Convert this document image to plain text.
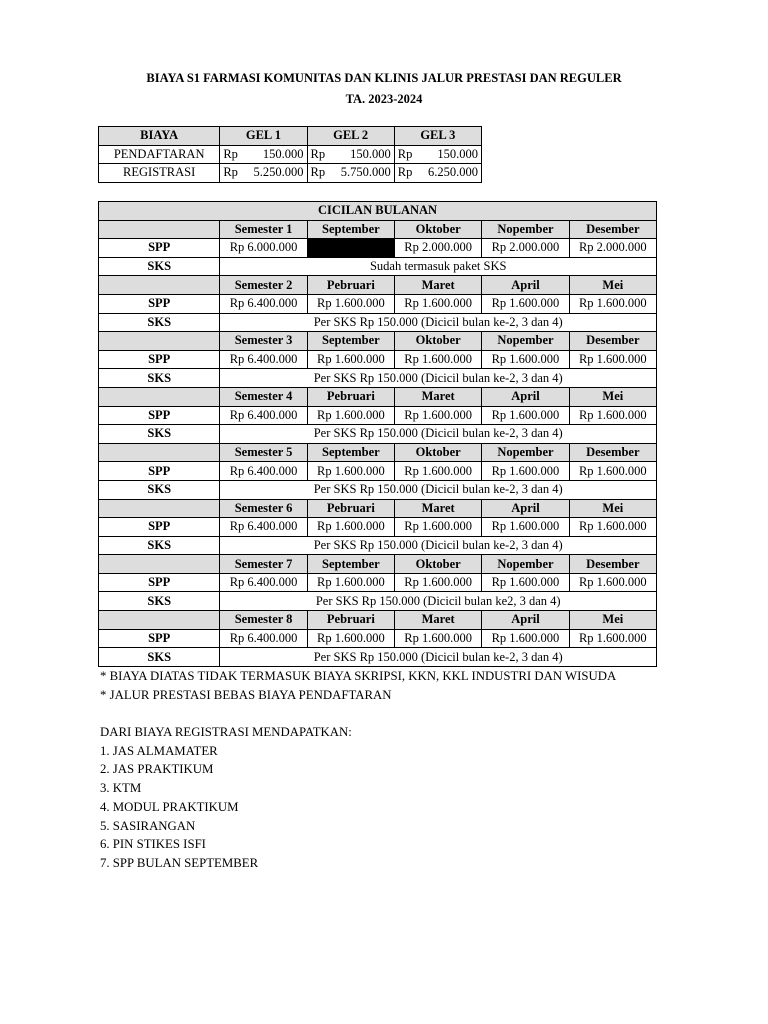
BIAYA S1 FARMASI KOMUNITAS DAN KLINIS JALUR PRESTASI DAN REGULER
TA. 2023-2024
BIAYA	GEL 1	GEL 2	GEL 3
PENDAFTARAN	Rp 150.000	Rp 150.000	Rp 150.000

REGISTRASI	Rp 5.250.000	Rp 5.750.000	Rp 6.250.000
CICILAN BULANAN					
	Semester 1	September	Oktober	Nopember	Desember
SPP	Rp 6.000.000		Rp 2.000.000	Rp 2.000.000	Rp 2.000.000
SKS	Sudah termasuk paket SKS				
	Semester 2	Pebruari	Maret	April	Mei
SPP	Rp 6.400.000	Rp 1.600.000	Rp 1.600.000	Rp 1.600.000	Rp 1.600.000
SKS	Per SKS Rp 150.000 (Dicicil bulan ke-2, 3 dan 4)				
	Semester 3	September	Oktober	Nopember	Desember
SPP	Rp 6.400.000	Rp 1.600.000	Rp 1.600.000	Rp 1.600.000	Rp 1.600.000
SKS	Per SKS Rp 150.000 (Dicicil bulan ke-2, 3 dan 4)				
	Semester 4	Pebruari	Maret	April	Mei
SPP	Rp 6.400.000	Rp 1.600.000	Rp 1.600.000	Rp 1.600.000	Rp 1.600.000
SKS	Per SKS Rp 150.000 (Dicicil bulan ke-2, 3 dan 4)				
	Semester 5	September	Oktober	Nopember	Desember
SPP	Rp 6.400.000	Rp 1.600.000	Rp 1.600.000	Rp 1.600.000	Rp 1.600.000
SKS	Per SKS Rp 150.000 (Dicicil bulan ke-2, 3 dan 4)				
	Semester 6	Pebruari	Maret	April	Mei
SPP	Rp 6.400.000	Rp 1.600.000	Rp 1.600.000	Rp 1.600.000	Rp 1.600.000
SKS	Per SKS Rp 150.000 (Dicicil bulan ke-2, 3 dan 4)				
	Semester 7	September	Oktober	Nopember	Desember
SPP	Rp 6.400.000	Rp 1.600.000	Rp 1.600.000	Rp 1.600.000	Rp 1.600.000
SKS	Per SKS Rp 150.000 (Dicicil bulan ke2, 3 dan 4)				
	Semester 8	Pebruari	Maret	April	Mei
SPP	Rp 6.400.000	Rp 1.600.000	Rp 1.600.000	Rp 1.600.000	Rp 1.600.000
SKS	Per SKS Rp 150.000 (Dicicil bulan ke-2, 3 dan 4)				
* BIAYA DIATAS TIDAK TERMASUK BIAYA SKRIPSI, KKN, KKL INDUSTRI DAN WISUDA
* JALUR PRESTASI BEBAS BIAYA PENDAFTARAN
DARI BIAYA REGISTRASI MENDAPATKAN:
1. JAS ALMAMATER
2. JAS PRAKTIKUM
3. KTM
4. MODUL PRAKTIKUM
5. SASIRANGAN
6. PIN STIKES ISFI
7. SPP BULAN SEPTEMBER
